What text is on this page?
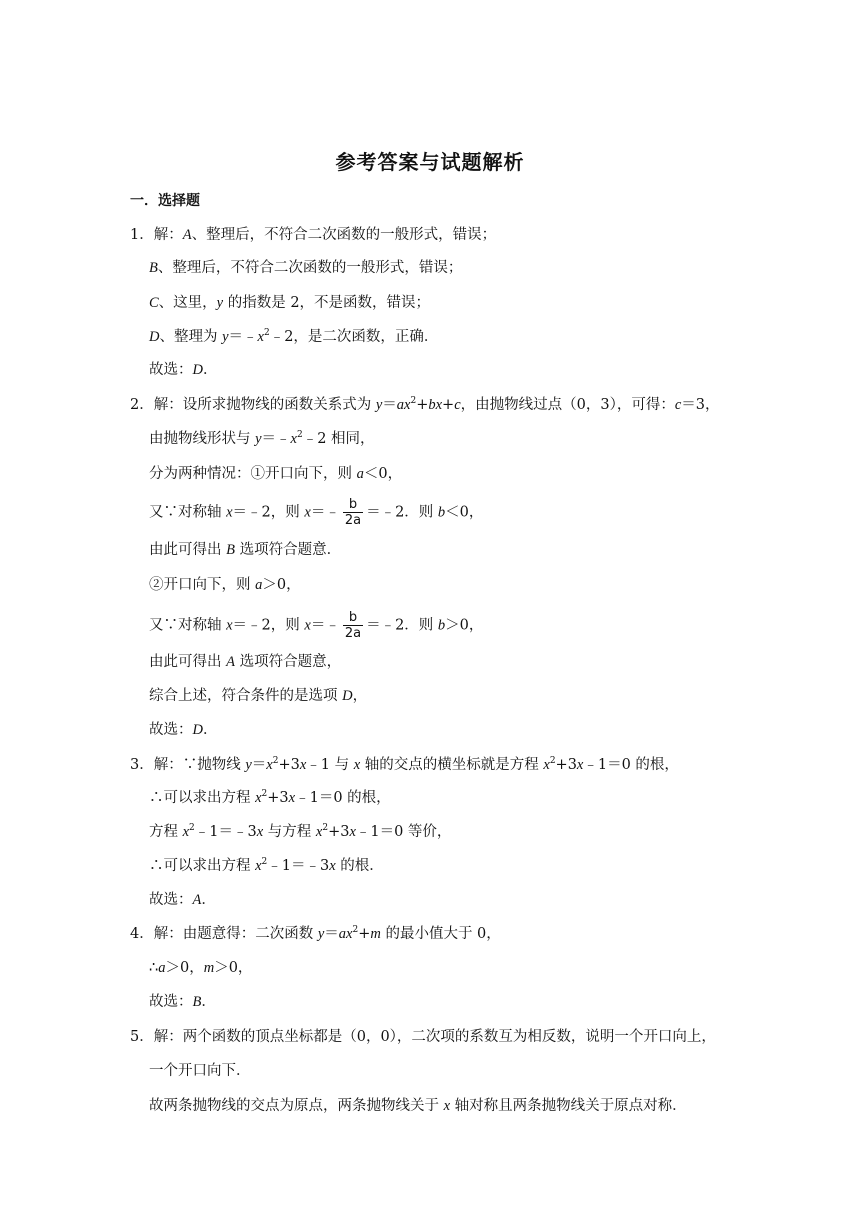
参考答案与试题解析
一．选择题
1．解：A、整理后，不符合二次函数的一般形式，错误；
B、整理后，不符合二次函数的一般形式，错误；
C、这里，y 的指数是 2，不是函数，错误；
D、整理为 $y=﹣x^2﹣2$，是二次函数，正确．
故选：D．
2．解：设所求抛物线的函数关系式为 $y=ax^2+bx+c$，由抛物线过点（0，3），可得：c＝3，
由抛物线形状与 $y=﹣x^2﹣2$ 相同，
分为两种情况：①开口向下，则 a＜0，
又∵对称轴 x＝﹣2，则 x＝﹣ $\frac{b}{2a}$ ＝﹣2．则 b＜0，
由此可得出 B 选项符合题意．
②开口向下，则 a＞0，
又∵对称轴 x＝﹣2，则 x＝﹣ $\frac{b}{2a}$ ＝﹣2．则 b＞0，
由此可得出 A 选项符合题意，
综合上述，符合条件的是选项 D，
故选：D．
3．解：∵抛物线 $y=x^2+3x﹣1$ 与 x 轴的交点的横坐标就是方程 $x^2+3x﹣1=0$ 的根，
∴可以求出方程 $x^2+3x﹣1=0$ 的根，
方程 $x^2﹣1=﹣3x$ 与方程 $x^2+3x﹣1=0$ 等价，
∴可以求出方程 $x^2﹣1=﹣3x$ 的根．
故选：A．
4．解：由题意得：二次函数 $y=ax^2+m$ 的最小值大于 0，
∴a＞0，m＞0，
故选：B．
5．解：两个函数的顶点坐标都是（0，0），二次项的系数互为相反数，说明一个开口向上，
一个开口向下．
故两条抛物线的交点为原点，两条抛物线关于 x 轴对称且两条抛物线关于原点对称．
